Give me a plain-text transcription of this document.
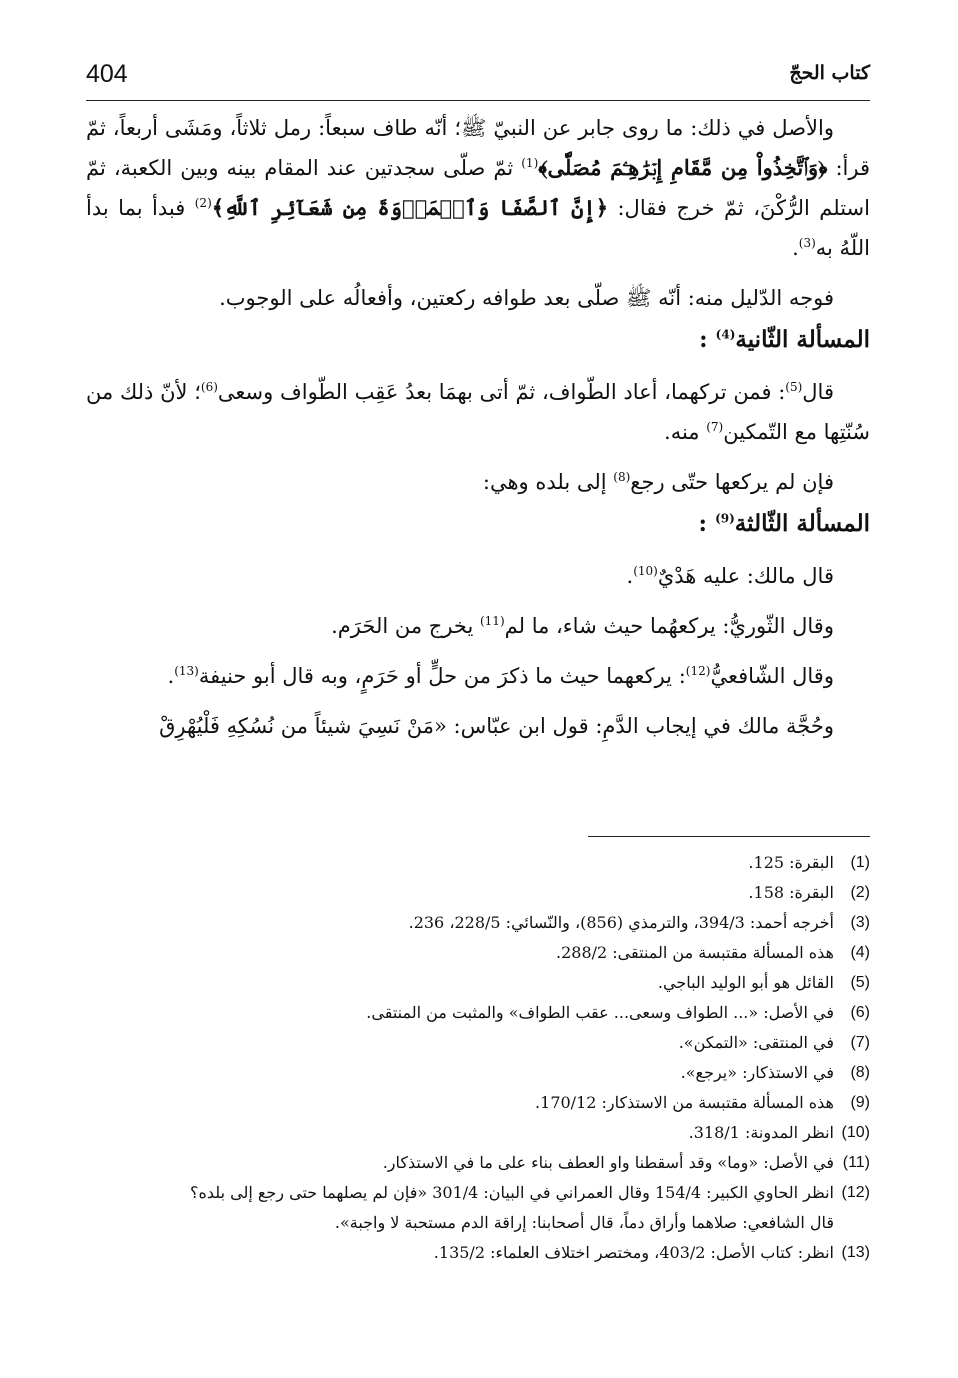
404	كتاب الحجّ

والأصل في ذلك: ما روى جابر عن النبيّ ﷺ؛ أنّه طاف سبعاً: رمل ثلاثاً، ومَشَى أربعاً، ثمّ قرأ: ﴿وَٱتَّخِذُواْ مِن مَّقَامِ إِبۡرَٰهِـۧمَ مُصَلّٗى﴾$^{(1)}$ ثمّ صلّى سجدتين عند المقام بينه وبين الكعبة، ثمّ استلم الرُّكْنَ، ثمّ خرج فقال: ﴿إِنَّ ٱلصَّفَا وَٱلۡمَرۡوَةَ مِن شَعَآئِرِ ٱللَّهِ﴾$^{(2)}$ فبدأ بما بدأ اللّهُ به$^{(3)}$.

فوجه الدّليل منه: أنّه ﷺ صلّى بعد طوافه ركعتين، وأفعالُه على الوجوب.

المسألة الثّانية$^{(4)}$ :

قال$^{(5)}$: فمن تركهما، أعاد الطّواف، ثمّ أتى بهمَا بعدُ عَقِب الطّواف وسعى$^{(6)}$؛ لأنّ ذلك من سُنّتِها مع التّمكين$^{(7)}$ منه.

فإن لم يركعها حتّى رجع$^{(8)}$ إلى بلده وهي:

المسألة الثّالثة$^{(9)}$ :

قال مالك: عليه هَدْيٌ$^{(10)}$.

وقال الثّوريُّ: يركعهُما حيث شاء، ما لم$^{(11)}$ يخرج من الحَرَم.

وقال الشّافعيُّ$^{(12)}$: يركعهما حيث ما ذكرَ من حلٍّ أو حَرَمٍ، وبه قال أبو حنيفة$^{(13)}$.

وحُجَّة مالك في إيجاب الدَّمِ: قول ابن عبّاس: «مَنْ نَسِيَ شيئاً من نُسُكِهِ فَلْيُهْرِقْ

(1)
البقرة: 125.
(2)
البقرة: 158.
(3)
أخرجه أحمد: 394/3، والترمذي (856)، والنّسائي: 228/5، 236.
(4)
هذه المسألة مقتبسة من المنتقى: 288/2.
(5)
القائل هو أبو الوليد الباجي.
(6)
في الأصل: «... الطواف وسعى... عقب الطواف» والمثبت من المنتقى.
(7)
في المنتقى: «التمكن».
(8)
في الاستذكار: «يرجع».
(9)
هذه المسألة مقتبسة من الاستذكار: 170/12.
(10)
انظر المدونة: 318/1.
(11)
في الأصل: «وما» وقد أسقطنا واو العطف بناء على ما في الاستذكار.
(12)
انظر الحاوي الكبير: 154/4 وقال العمراني في البيان: 301/4 «فإن لم يصلهما حتى رجع إلى بلده؟
قال الشافعي: صلاهما وأراق دماً، قال أصحابنا: إراقة الدم مستحبة لا واجبة».
(13)
انظر: كتاب الأصل: 403/2، ومختصر اختلاف العلماء: 135/2.
